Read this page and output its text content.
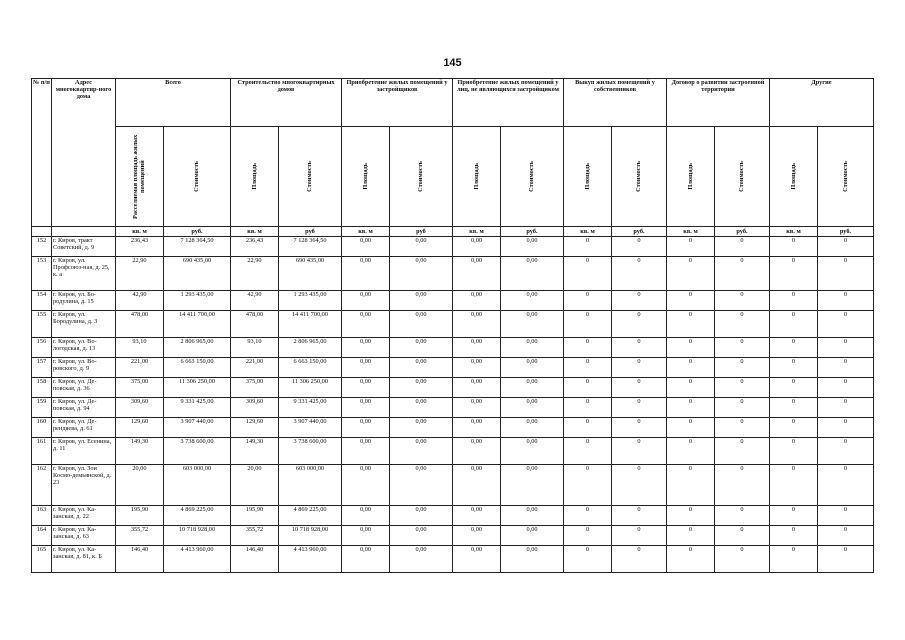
145
№ п/п	Адрес многоквартир-ного дома	Всего		Строительство многоквартирных домов		Приобретение жилых помещений у застройщиков		Приобретение жилых помещений у лиц, не являющихся застройщиком		Выкуп жилых помещений у собственников		Договор о развитии застроенной территории		Другие	

		Расселяемая площадь жилых помещений	Стоимость	Площадь	Стоимость	Площадь	Стоимость	Площадь	Стоимость	Площадь	Стоимость	Площадь	Стоимость	Площадь	Стоимость

		кв. м	руб.	кв. м	руб	кв. м	руб	кв. м	руб.	кв. м	руб.	кв. м	руб.	кв. м	руб.
152	г. Киров, тракт Советский, д. 9	236,43	7 128 364,50	236,43	7 128 364,50	0,00	0,00	0,00	0,00	0	0	0	0	0	0
153	г. Киров, ул. Профсоюз-ная, д. 25, к. а	22,90	690 435,00	22,90	690 435,00	0,00	0,00	0,00	0,00	0	0	0	0	0	0
154	г. Киров, ул. Бо-родулина, д. 15	42,90	1 293 435,00	42,90	1 293 435,00	0,00	0,00	0,00	0,00	0	0	0	0	0	0
155	г. Киров, ул. Бородулина, д. 3	478,00	14 411 700,00	478,00	14 411 700,00	0,00	0,00	0,00	0,00	0	0	0	0	0	0
156	г. Киров, ул. Во-логодская, д. 13	93,10	2 806 965,00	93,10	2 806 965,00	0,00	0,00	0,00	0,00	0	0	0	0	0	0
157	г. Киров, ул. Во-ровского, д. 9	221,00	6 663 150,00	221,00	6 663 150,00	0,00	0,00	0,00	0,00	0	0	0	0	0	0
158	г. Киров, ул. Де-повская, д. 36	375,00	11 306 250,00	375,00	11 306 250,00	0,00	0,00	0,00	0,00	0	0	0	0	0	0
159	г. Киров, ул. Де-повская, д. 94	309,60	9 331 425,00	309,60	9 331 425,00	0,00	0,00	0,00	0,00	0	0	0	0	0	0
160	г. Киров, ул. Де-рендяева, д. 61	129,60	3 907 440,00	129,60	3 907 440,00	0,00	0,00	0,00	0,00	0	0	0	0	0	0
161	г. Киров, ул. Есенина, д. 11	149,30	3 738 600,00	149,30	3 738 600,00	0,00	0,00	0,00	0,00	0	0	0	0	0	0
162	г. Киров, ул. Зои Космо-демьянской, д. 23	20,00	603 000,00	20,00	603 000,00	0,00	0,00	0,00	0,00	0	0	0	0	0	0
163	г. Киров, ул. Ка-занская, д. 22	195,90	4 869 225,00	195,90	4 869 225,00	0,00	0,00	0,00	0,00	0	0	0	0	0	0
164	г. Киров, ул. Ка-занская, д. 63	355,72	10 718 928,00	355,72	10 718 928,00	0,00	0,00	0,00	0,00	0	0	0	0	0	0
165	г. Киров, ул. Ка-занская, д. 81, к. Б	146,40	4 413 960,00	146,40	4 413 960,00	0,00	0,00	0,00	0,00	0	0	0	0	0	0
